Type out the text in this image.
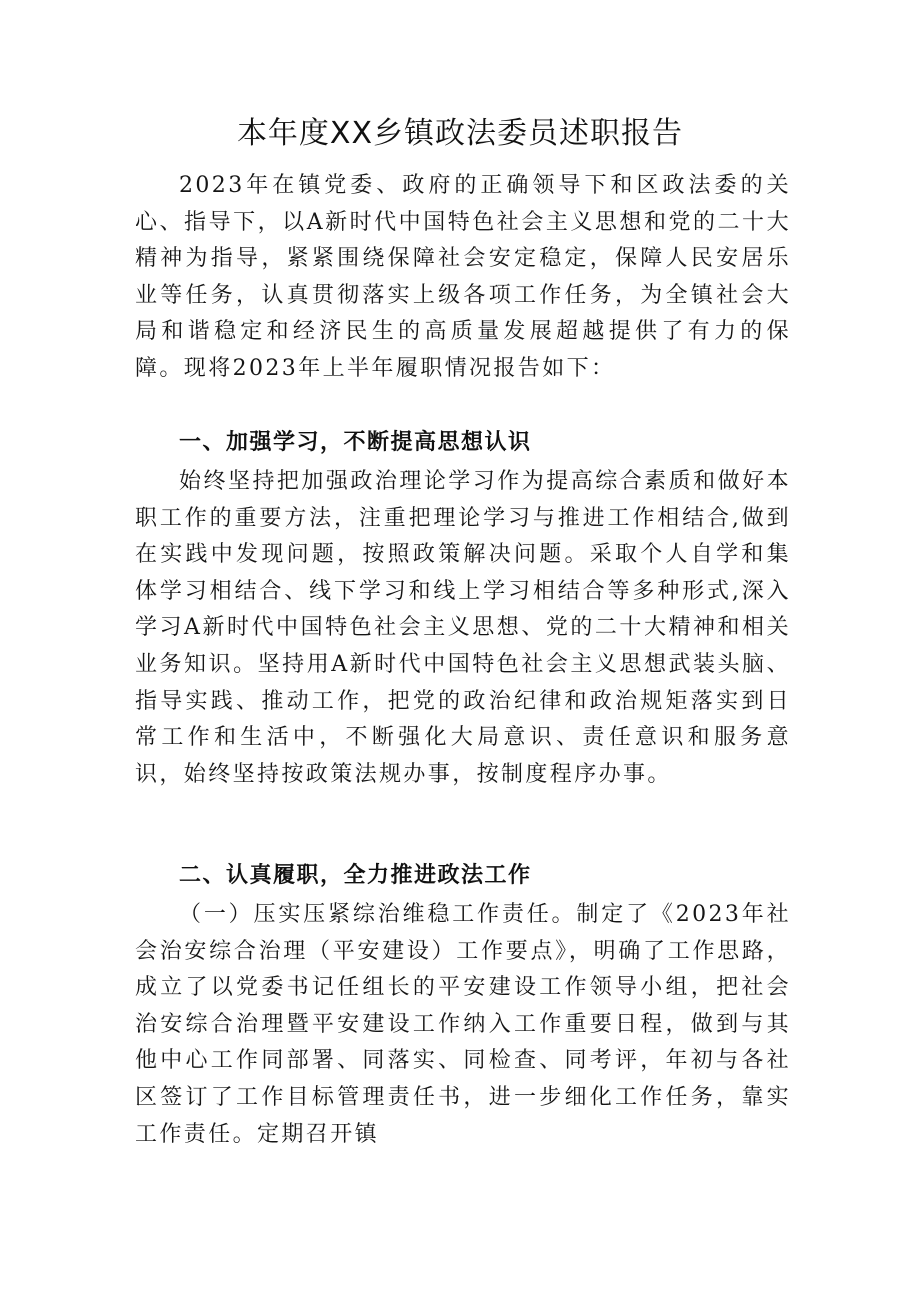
本年度XX乡镇政法委员述职报告

2023年在镇党委、政府的正确领导下和区政法委的关心、指导下，以A新时代中国特色社会主义思想和党的二十大精神为指导，紧紧围绕保障社会安定稳定，保障人民安居乐业等任务，认真贯彻落实上级各项工作任务，为全镇社会大局和谐稳定和经济民生的高质量发展超越提供了有力的保障。现将2023年上半年履职情况报告如下：

一、加强学习，不断提高思想认识

始终坚持把加强政治理论学习作为提高综合素质和做好本职工作的重要方法，注重把理论学习与推进工作相结合,做到在实践中发现问题，按照政策解决问题。采取个人自学和集体学习相结合、线下学习和线上学习相结合等多种形式,深入学习A新时代中国特色社会主义思想、党的二十大精神和相关业务知识。坚持用A新时代中国特色社会主义思想武装头脑、指导实践、推动工作，把党的政治纪律和政治规矩落实到日常工作和生活中，不断强化大局意识、责任意识和服务意识，始终坚持按政策法规办事，按制度程序办事。

二、认真履职，全力推进政法工作

（一）压实压紧综治维稳工作责任。制定了《2023年社会治安综合治理（平安建设）工作要点》，明确了工作思路，成立了以党委书记任组长的平安建设工作领导小组，把社会治安综合治理暨平安建设工作纳入工作重要日程，做到与其他中心工作同部署、同落实、同检查、同考评，年初与各社区签订了工作目标管理责任书，进一步细化工作任务，靠实工作责任。定期召开镇
